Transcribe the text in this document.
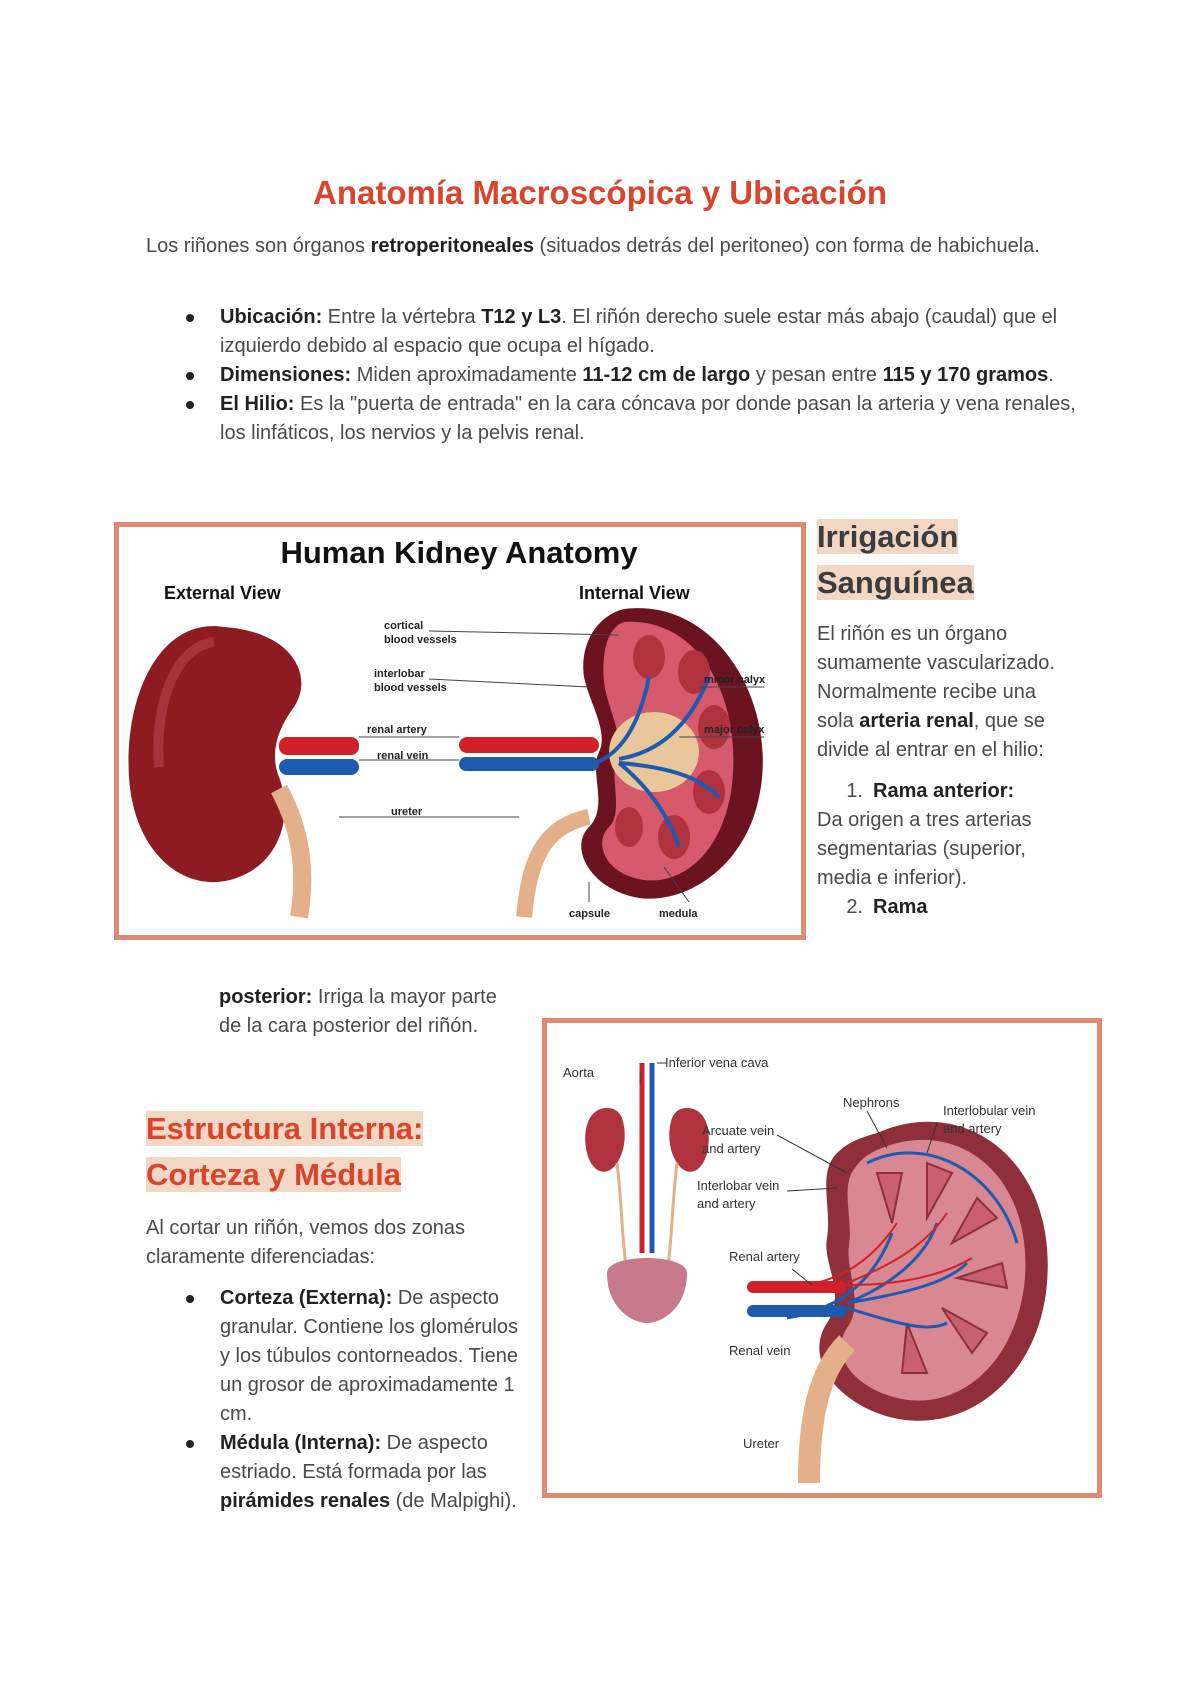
Anatomía Macroscópica y Ubicación

Los riñones son órganos retroperitoneales (situados detrás del peritoneo) con forma de habichuela.

Ubicación: Entre la vértebra T12 y L3. El riñón derecho suele estar más abajo (caudal) que el izquierdo debido al espacio que ocupa el hígado.
Dimensiones: Miden aproximadamente 11-12 cm de largo y pesan entre 115 y 170 gramos.
El Hilio: Es la "puerta de entrada" en la cara cóncava por donde pasan la arteria y vena renales, los linfáticos, los nervios y la pelvis renal.
Human Kidney Anatomy
External View	Internal View
cortical
blood vessels
interlobar
blood vessels
renal artery
renal vein
ureter
minor calyx
major calyx
capsule	medula
Irrigación
Sanguínea

El riñón es un órgano sumamente vascularizado. Normalmente recibe una sola arteria renal, que se divide al entrar en el hilio:

1. Rama anterior:
Da origen a tres arterias segmentarias (superior, media e inferior).
2. Rama

posterior: Irriga la mayor parte de la cara posterior del riñón.

Estructura Interna:
Corteza y Médula

Al cortar un riñón, vemos dos zonas claramente diferenciadas:

Corteza (Externa): De aspecto granular. Contiene los glomérulos y los túbulos contorneados. Tiene un grosor de aproximadamente 1 cm.
Médula (Interna): De aspecto estriado. Está formada por las pirámides renales (de Malpighi).
Aorta
Inferior vena cava
Nephrons
Interlobular vein
and artery
Arcuate vein
and artery
Interlobar vein
and artery
Renal artery
Renal vein
Ureter
